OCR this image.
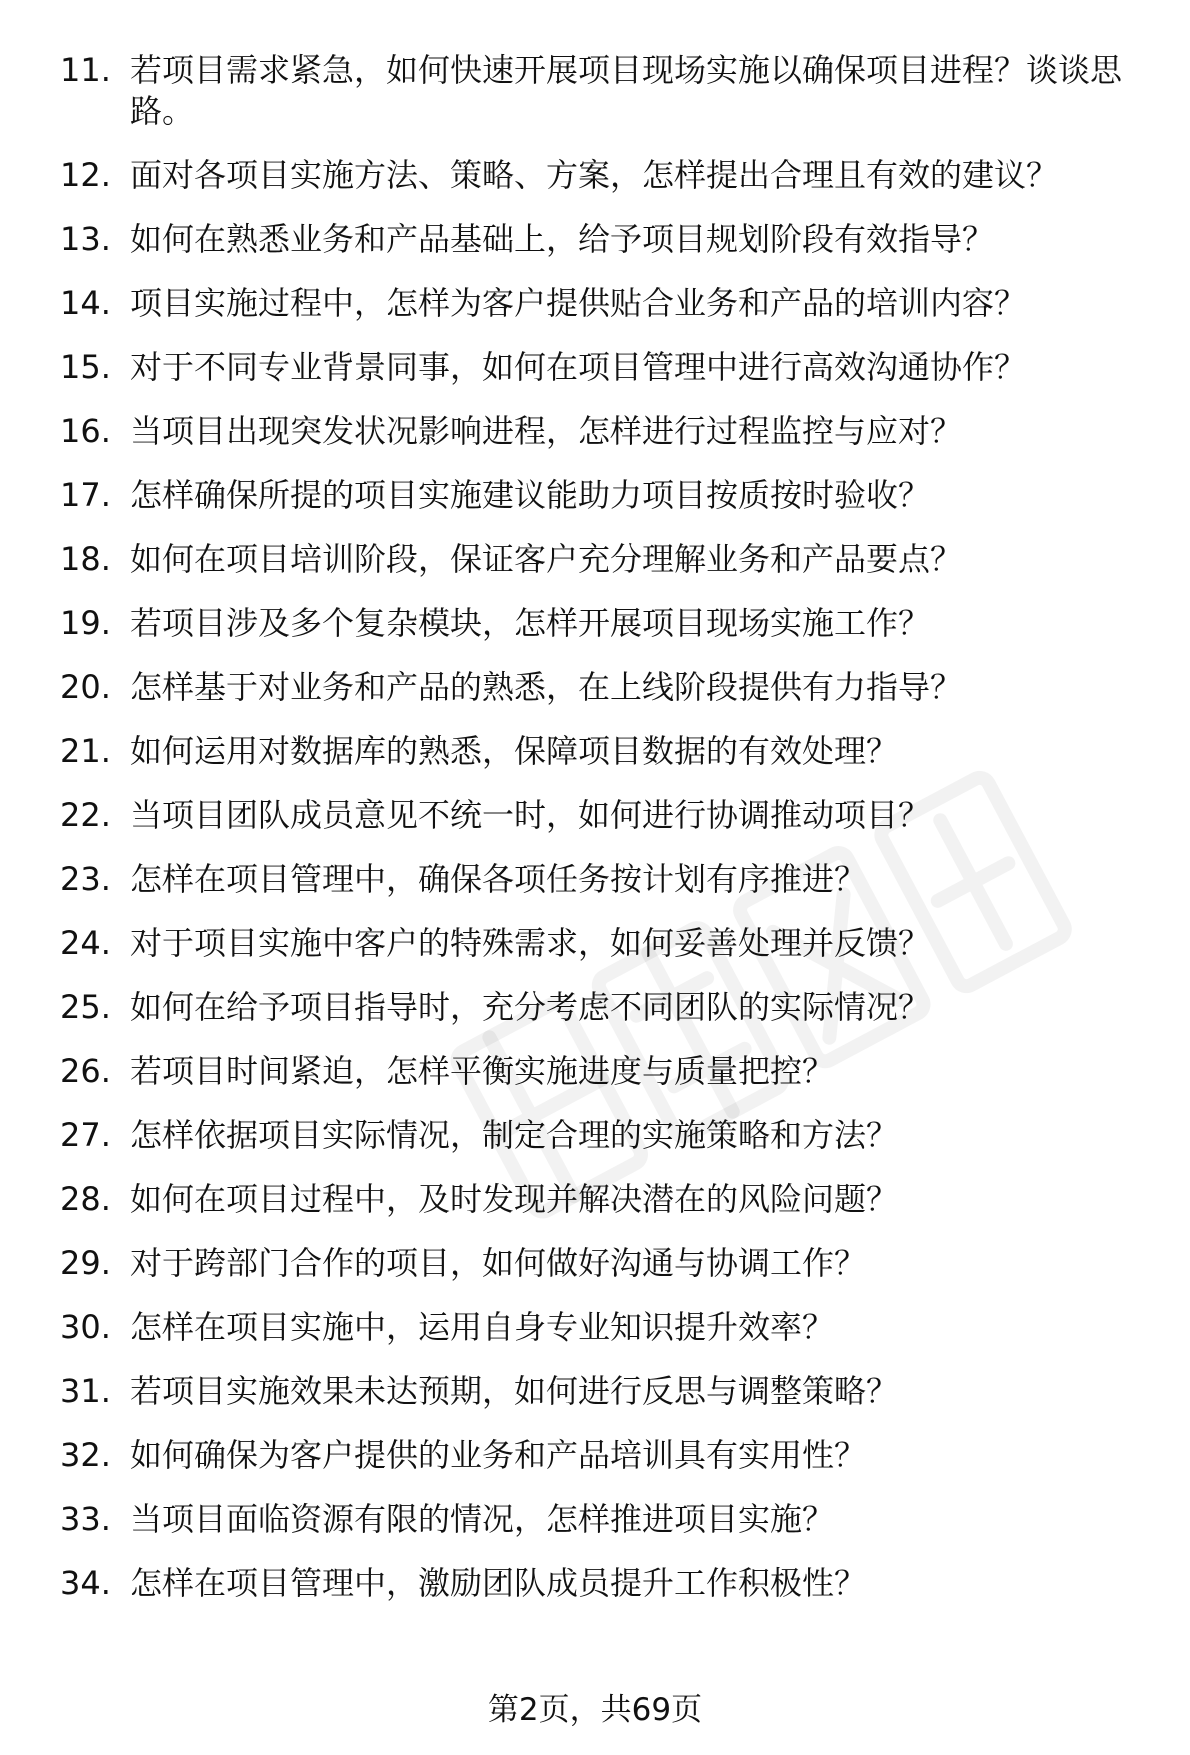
11. 若项目需求紧急，如何快速开展项目现场实施以确保项目进程？谈谈思路。
12. 面对各项目实施方法、策略、方案，怎样提出合理且有效的建议？
13. 如何在熟悉业务和产品基础上，给予项目规划阶段有效指导？
14. 项目实施过程中，怎样为客户提供贴合业务和产品的培训内容？
15. 对于不同专业背景同事，如何在项目管理中进行高效沟通协作？
16. 当项目出现突发状况影响进程，怎样进行过程监控与应对？
17. 怎样确保所提的项目实施建议能助力项目按质按时验收？
18. 如何在项目培训阶段，保证客户充分理解业务和产品要点？
19. 若项目涉及多个复杂模块，怎样开展项目现场实施工作？
20. 怎样基于对业务和产品的熟悉，在上线阶段提供有力指导？
21. 如何运用对数据库的熟悉，保障项目数据的有效处理？
22. 当项目团队成员意见不统一时，如何进行协调推动项目？
23. 怎样在项目管理中，确保各项任务按计划有序推进？
24. 对于项目实施中客户的特殊需求，如何妥善处理并反馈？
25. 如何在给予项目指导时，充分考虑不同团队的实际情况？
26. 若项目时间紧迫，怎样平衡实施进度与质量把控？
27. 怎样依据项目实际情况，制定合理的实施策略和方法？
28. 如何在项目过程中，及时发现并解决潜在的风险问题？
29. 对于跨部门合作的项目，如何做好沟通与协调工作？
30. 怎样在项目实施中，运用自身专业知识提升效率？
31. 若项目实施效果未达预期，如何进行反思与调整策略？
32. 如何确保为客户提供的业务和产品培训具有实用性？
33. 当项目面临资源有限的情况，怎样推进项目实施？
34. 怎样在项目管理中，激励团队成员提升工作积极性？
第2页，共69页
